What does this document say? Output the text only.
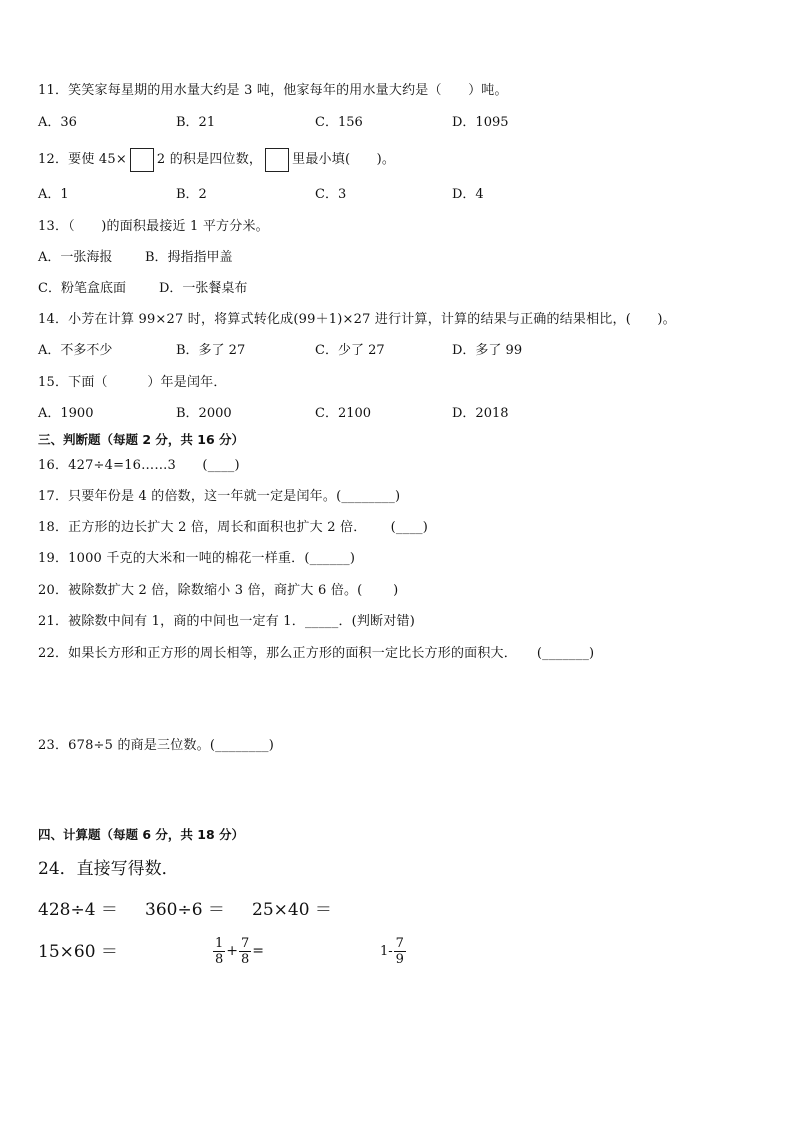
11．笑笑家每星期的用水量大约是 3 吨，他家每年的用水量大约是（　　）吨。
A．36	B．21	C．156	D．1095
12．要使 45× 2 的积是四位数， 里最小填(　　)。
A．1	B．2	C．3	D．4
13．（　　)的面积最接近 1 平方分米。
A．一张海报	B．拇指指甲盖
C．粉笔盒底面	D．一张餐桌布
14．小芳在计算 99×27 时，将算式转化成(99＋1)×27 进行计算，计算的结果与正确的结果相比，(　　)。
A．不多不少	B．多了 27	C．少了 27	D．多了 99
15．下面（　　　）年是闰年．
A．1900	B．2000	C．2100	D．2018
三、判断题（每题 2 分，共 16 分）
16．427÷4=16……3　　(____)
17．只要年份是 4 的倍数，这一年就一定是闰年。(________)
18．正方形的边长扩大 2 倍，周长和面积也扩大 2 倍．　　 (____)
19．1000 千克的大米和一吨的棉花一样重．(______)
20．被除数扩大 2 倍，除数缩小 3 倍，商扩大 6 倍。(　　 )
21．被除数中间有 1，商的中间也一定有 1．_____．(判断对错)
22．如果长方形和正方形的周长相等，那么正方形的面积一定比长方形的面积大．　　(_______)
23．678÷5 的商是三位数。(________)
四、计算题（每题 6 分，共 18 分）
24．直接写得数．
428÷4 ＝ 360÷6 ＝ 25×40 ＝
15×60 ＝	$\frac{1}{8} + \frac{7}{8}$ =	$1- \frac{7}{9}$
